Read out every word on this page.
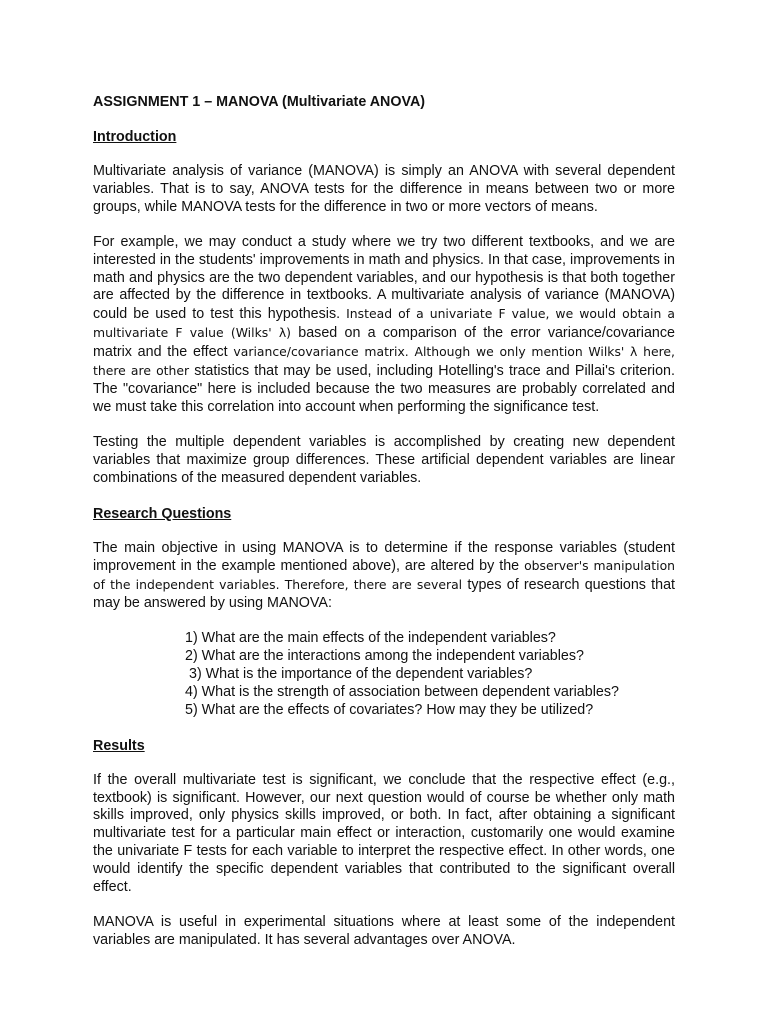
ASSIGNMENT 1 – MANOVA (Multivariate ANOVA)
Introduction

Multivariate analysis of variance (MANOVA) is simply an ANOVA with several dependent variables. That is to say, ANOVA tests for the difference in means between two or more groups, while MANOVA tests for the difference in two or more vectors of means.

For example, we may conduct a study where we try two different textbooks, and we are interested in the students' improvements in math and physics. In that case, improvements in math and physics are the two dependent variables, and our hypothesis is that both together are affected by the difference in textbooks. A multivariate analysis of variance (MANOVA) could be used to test this hypothesis. Instead of a univariate F value, we would obtain a multivariate F value (Wilks' λ) based on a comparison of the error variance/covariance matrix and the effect variance/covariance matrix. Although we only mention Wilks' λ here, there are other statistics that may be used, including Hotelling's trace and Pillai's criterion. The "covariance" here is included because the two measures are probably correlated and we must take this correlation into account when performing the significance test.

Testing the multiple dependent variables is accomplished by creating new dependent variables that maximize group differences. These artificial dependent variables are linear combinations of the measured dependent variables.

Research Questions

The main objective in using MANOVA is to determine if the response variables (student improvement in the example mentioned above), are altered by the observer's manipulation of the independent variables. Therefore, there are several types of research questions that may be answered by using MANOVA:

1) What are the main effects of the independent variables?
2) What are the interactions among the independent variables?
3) What is the importance of the dependent variables?
4) What is the strength of association between dependent variables?
5) What are the effects of covariates? How may they be utilized?
Results

If the overall multivariate test is significant, we conclude that the respective effect (e.g., textbook) is significant. However, our next question would of course be whether only math skills improved, only physics skills improved, or both. In fact, after obtaining a significant multivariate test for a particular main effect or interaction, customarily one would examine the univariate F tests for each variable to interpret the respective effect. In other words, one would identify the specific dependent variables that contributed to the significant overall effect.

MANOVA is useful in experimental situations where at least some of the independent variables are manipulated. It has several advantages over ANOVA.
